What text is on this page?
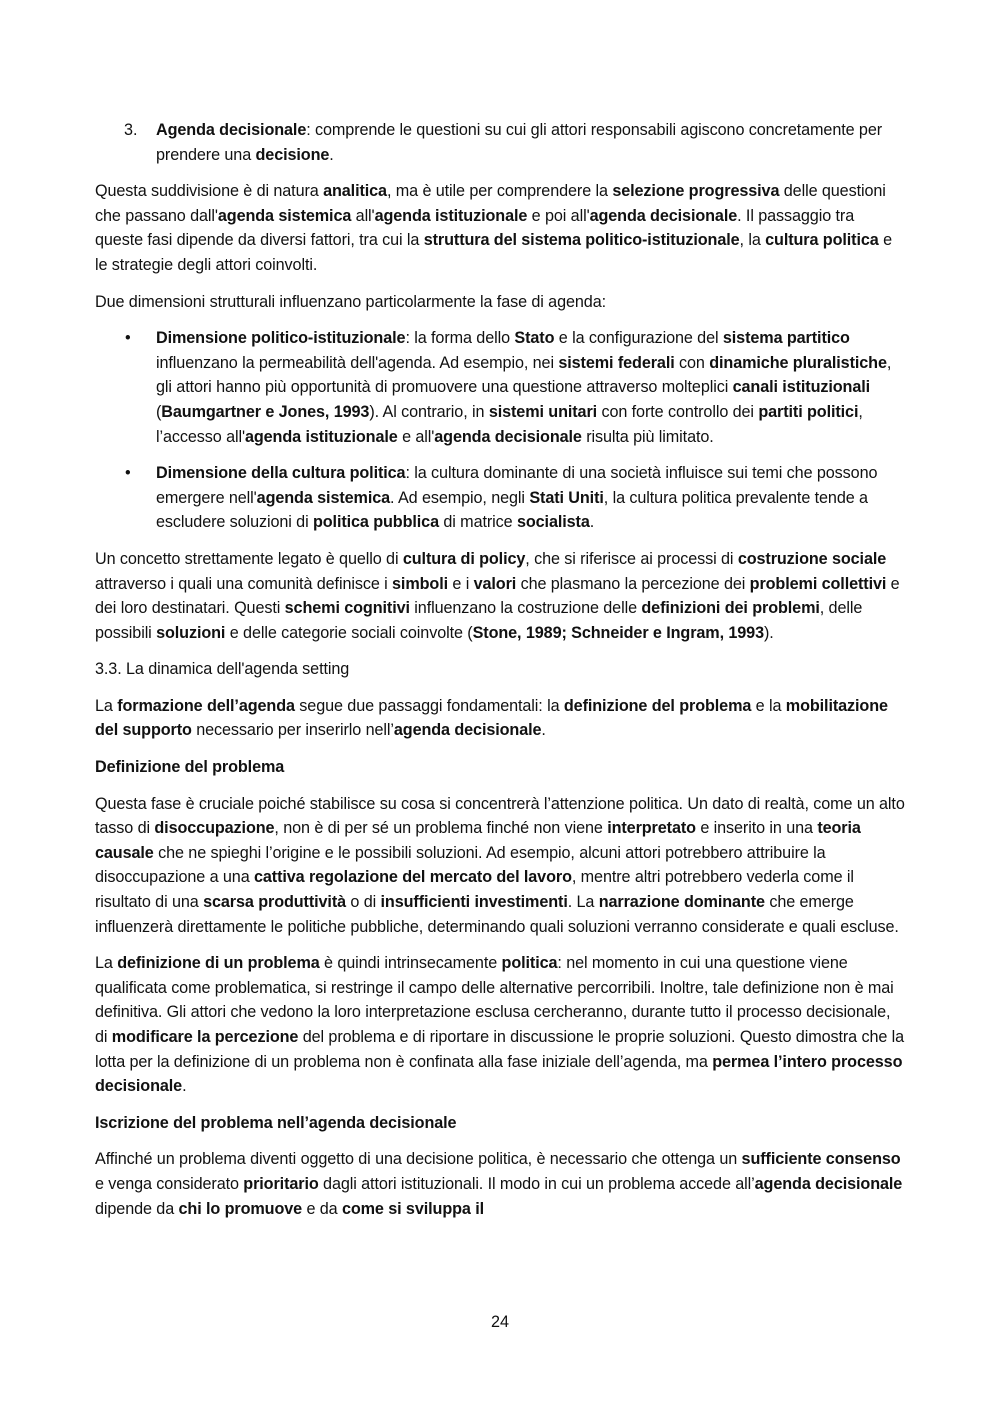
3. Agenda decisionale: comprende le questioni su cui gli attori responsabili agiscono concretamente per prendere una decisione.

Questa suddivisione è di natura analitica, ma è utile per comprendere la selezione progressiva delle questioni che passano dall'agenda sistemica all'agenda istituzionale e poi all'agenda decisionale. Il passaggio tra queste fasi dipende da diversi fattori, tra cui la struttura del sistema politico-istituzionale, la cultura politica e le strategie degli attori coinvolti.

Due dimensioni strutturali influenzano particolarmente la fase di agenda:

• Dimensione politico-istituzionale: la forma dello Stato e la configurazione del sistema partitico influenzano la permeabilità dell'agenda. Ad esempio, nei sistemi federali con dinamiche pluralistiche, gli attori hanno più opportunità di promuovere una questione attraverso molteplici canali istituzionali (Baumgartner e Jones, 1993). Al contrario, in sistemi unitari con forte controllo dei partiti politici, l’accesso all'agenda istituzionale e all'agenda decisionale risulta più limitato.

• Dimensione della cultura politica: la cultura dominante di una società influisce sui temi che possono emergere nell'agenda sistemica. Ad esempio, negli Stati Uniti, la cultura politica prevalente tende a escludere soluzioni di politica pubblica di matrice socialista.

Un concetto strettamente legato è quello di cultura di policy, che si riferisce ai processi di costruzione sociale attraverso i quali una comunità definisce i simboli e i valori che plasmano la percezione dei problemi collettivi e dei loro destinatari. Questi schemi cognitivi influenzano la costruzione delle definizioni dei problemi, delle possibili soluzioni e delle categorie sociali coinvolte (Stone, 1989; Schneider e Ingram, 1993).

3.3. La dinamica dell'agenda setting

La formazione dell’agenda segue due passaggi fondamentali: la definizione del problema e la mobilitazione del supporto necessario per inserirlo nell’agenda decisionale.

Definizione del problema

Questa fase è cruciale poiché stabilisce su cosa si concentrerà l’attenzione politica. Un dato di realtà, come un alto tasso di disoccupazione, non è di per sé un problema finché non viene interpretato e inserito in una teoria causale che ne spieghi l’origine e le possibili soluzioni. Ad esempio, alcuni attori potrebbero attribuire la disoccupazione a una cattiva regolazione del mercato del lavoro, mentre altri potrebbero vederla come il risultato di una scarsa produttività o di insufficienti investimenti. La narrazione dominante che emerge influenzerà direttamente le politiche pubbliche, determinando quali soluzioni verranno considerate e quali escluse.

La definizione di un problema è quindi intrinsecamente politica: nel momento in cui una questione viene qualificata come problematica, si restringe il campo delle alternative percorribili. Inoltre, tale definizione non è mai definitiva. Gli attori che vedono la loro interpretazione esclusa cercheranno, durante tutto il processo decisionale, di modificare la percezione del problema e di riportare in discussione le proprie soluzioni. Questo dimostra che la lotta per la definizione di un problema non è confinata alla fase iniziale dell’agenda, ma permea l’intero processo decisionale.

Iscrizione del problema nell’agenda decisionale

Affinché un problema diventi oggetto di una decisione politica, è necessario che ottenga un sufficiente consenso e venga considerato prioritario dagli attori istituzionali. Il modo in cui un problema accede all’agenda decisionale dipende da chi lo promuove e da come si sviluppa il

24
